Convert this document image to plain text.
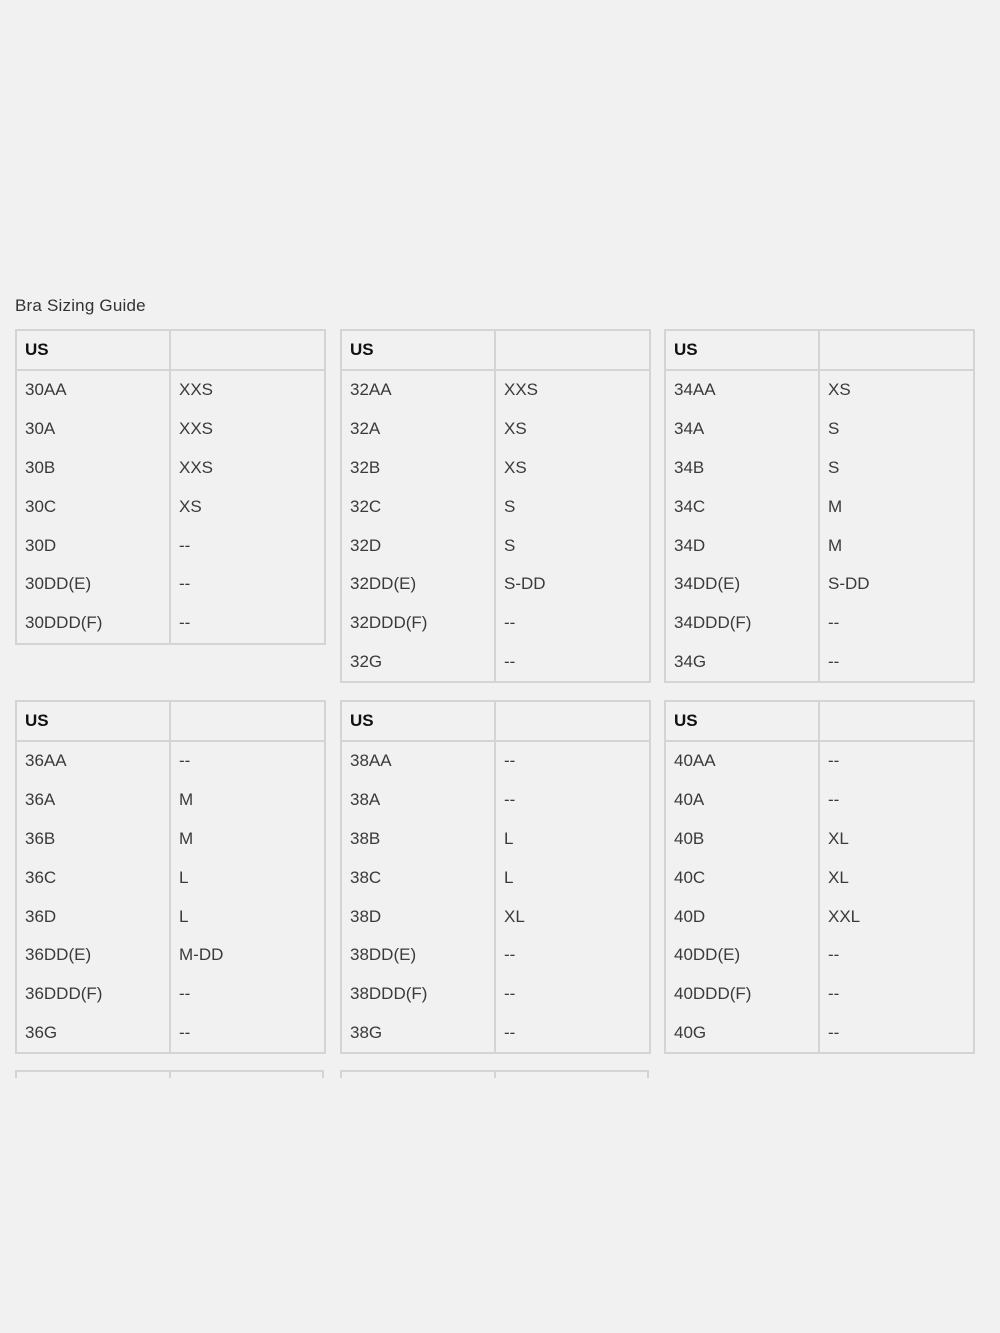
Bra Sizing Guide
US	
30AA	XXS
30A	XXS
30B	XXS
30C	XS
30D	--
30DD(E)	--
30DDD(F)	--
US	
32AA	XXS
32A	XS
32B	XS
32C	S
32D	S
32DD(E)	S-DD
32DDD(F)	--
32G	--
US	
34AA	XS
34A	S
34B	S
34C	M
34D	M
34DD(E)	S-DD
34DDD(F)	--
34G	--
US	
36AA	--
36A	M
36B	M
36C	L
36D	L
36DD(E)	M-DD
36DDD(F)	--
36G	--
US	
38AA	--
38A	--
38B	L
38C	L
38D	XL
38DD(E)	--
38DDD(F)	--
38G	--
US	
40AA	--
40A	--
40B	XL
40C	XL
40D	XXL
40DD(E)	--
40DDD(F)	--
40G	--
